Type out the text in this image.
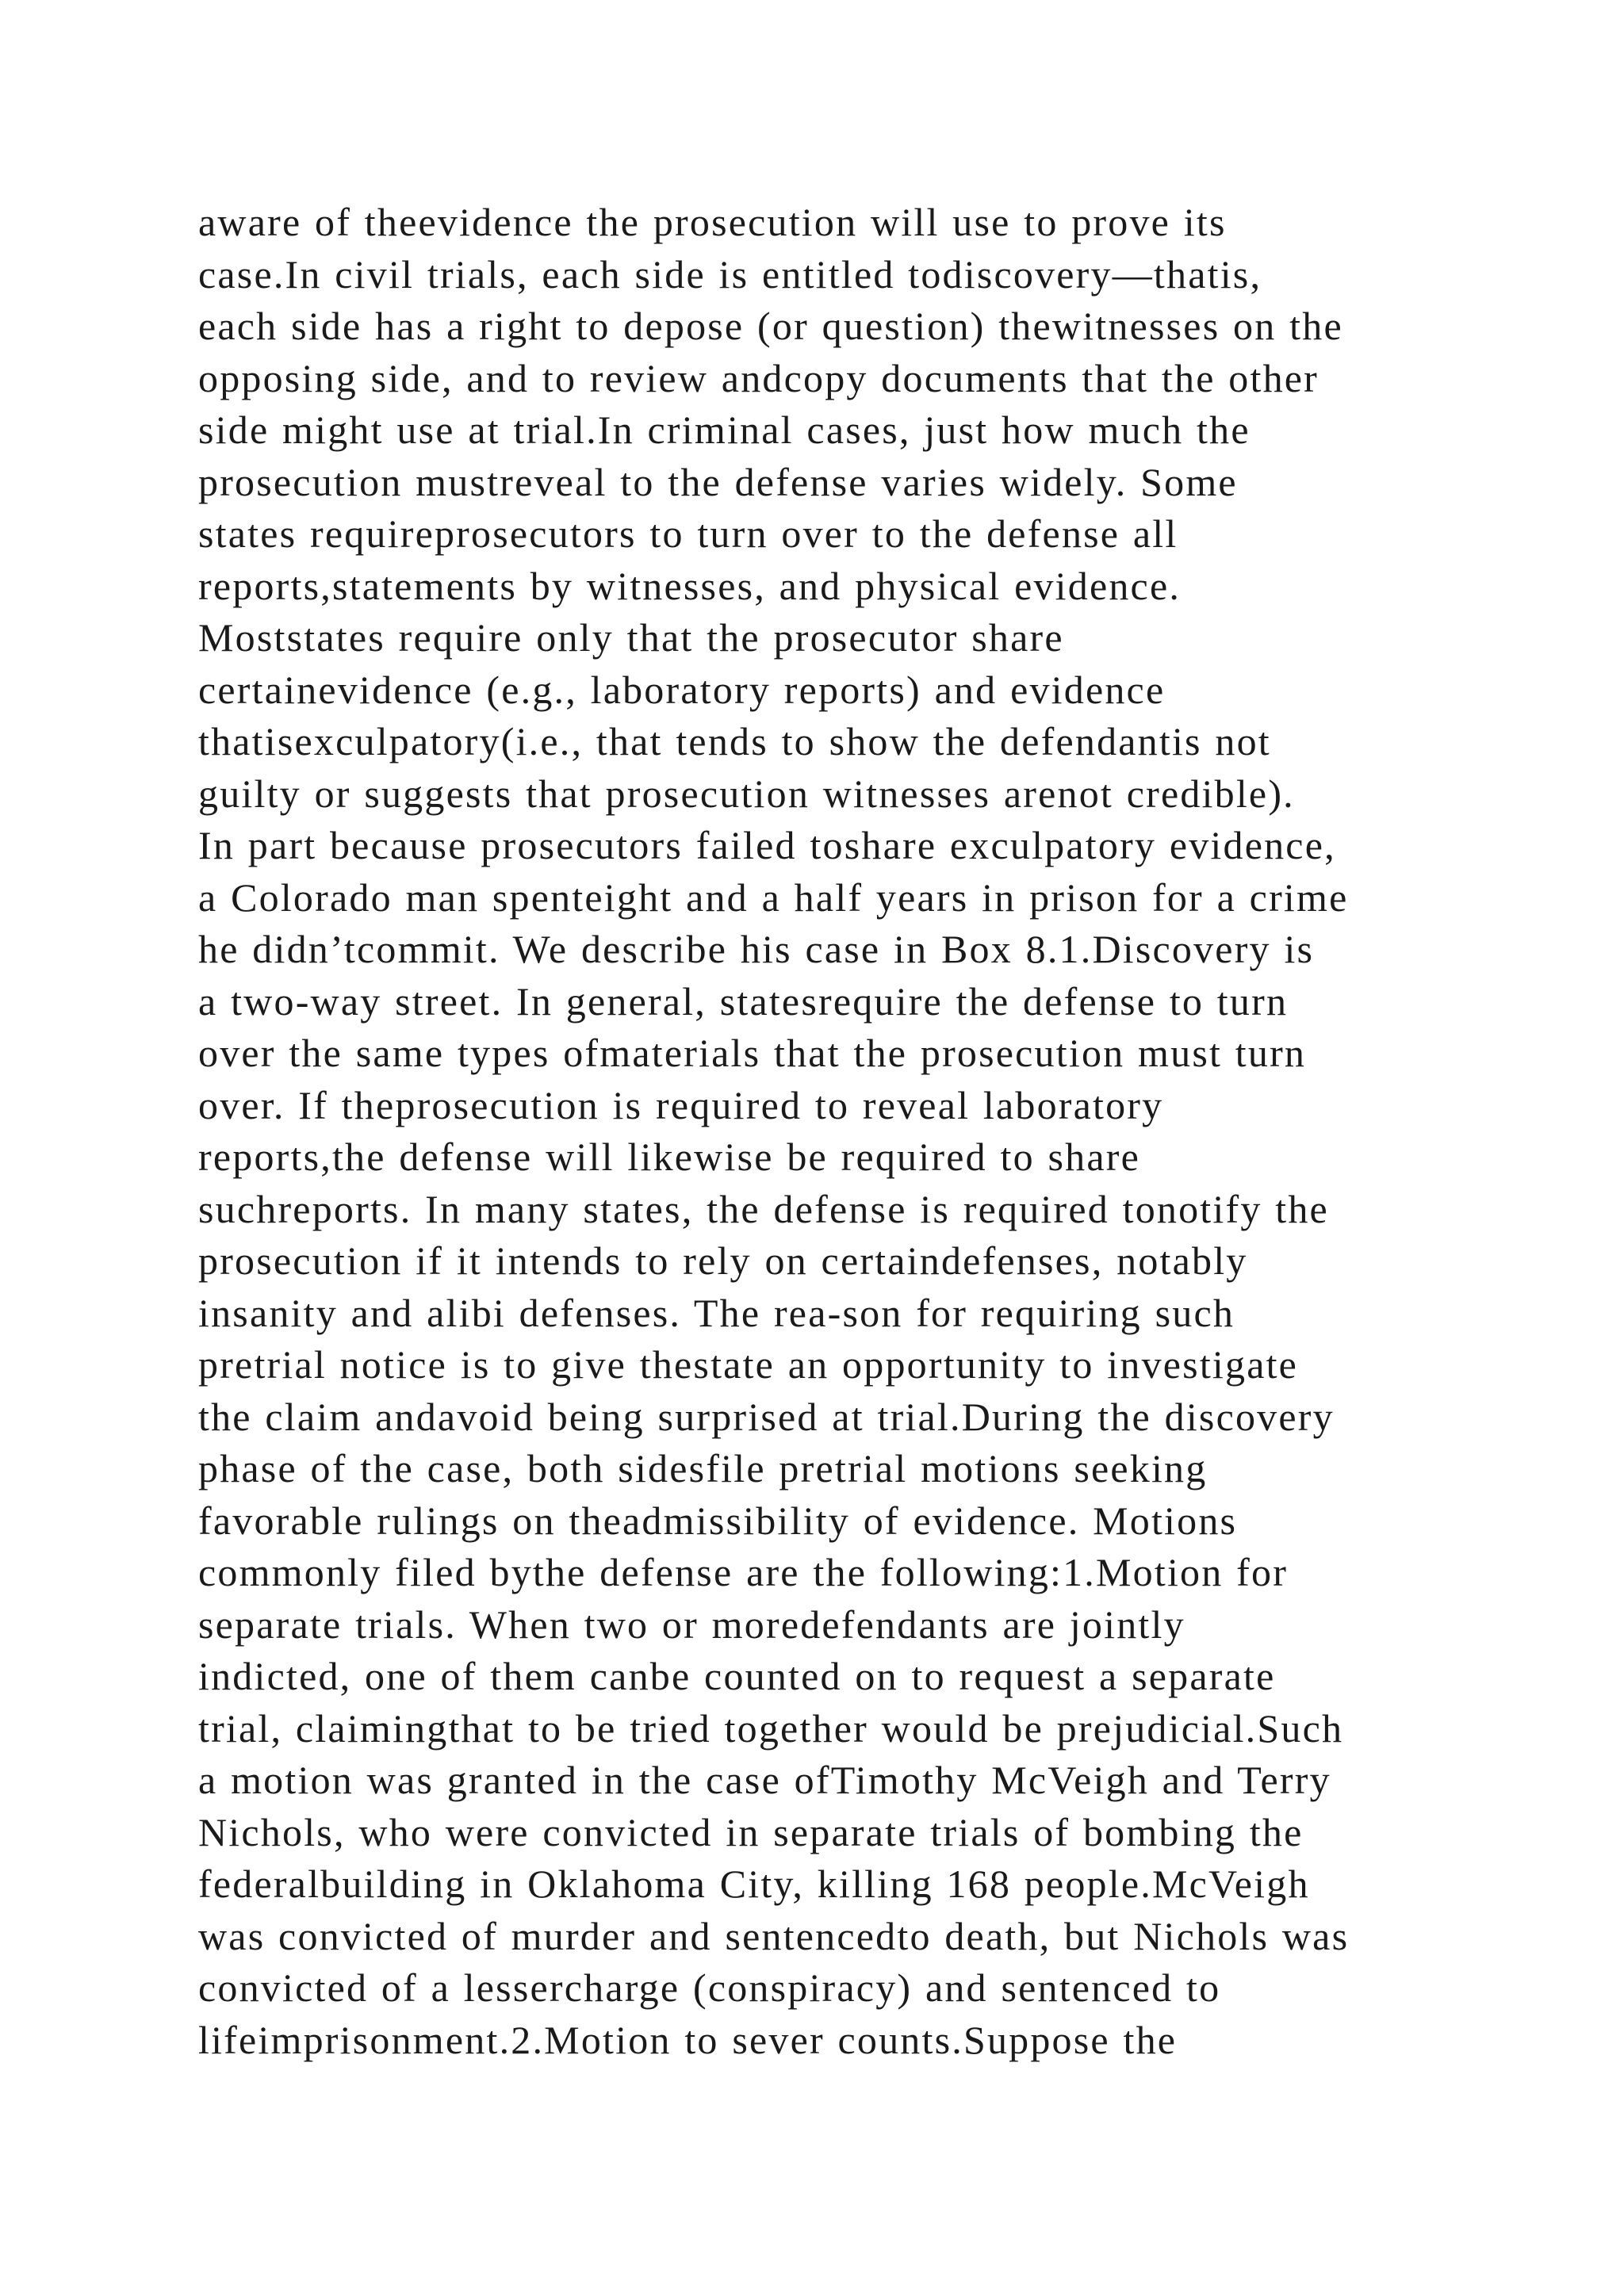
aware of theevidence the prosecution will use to prove its
case.In civil trials, each side is entitled todiscovery—thatis,
each side has a right to depose (or question) thewitnesses on the
opposing side, and to review andcopy documents that the other
side might use at trial.In criminal cases, just how much the
prosecution mustreveal to the defense varies widely. Some
states requireprosecutors to turn over to the defense all
reports,statements by witnesses, and physical evidence.
Moststates require only that the prosecutor share
certainevidence (e.g., laboratory reports) and evidence
thatisexculpatory(i.e., that tends to show the defendantis not
guilty or suggests that prosecution witnesses arenot credible).
In part because prosecutors failed toshare exculpatory evidence,
a Colorado man spenteight and a half years in prison for a crime
he didn’tcommit. We describe his case in Box 8.1.Discovery is
a two-way street. In general, statesrequire the defense to turn
over the same types ofmaterials that the prosecution must turn
over. If theprosecution is required to reveal laboratory
reports,the defense will likewise be required to share
suchreports. In many states, the defense is required tonotify the
prosecution if it intends to rely on certaindefenses, notably
insanity and alibi defenses. The rea-son for requiring such
pretrial notice is to give thestate an opportunity to investigate
the claim andavoid being surprised at trial.During the discovery
phase of the case, both sidesfile pretrial motions seeking
favorable rulings on theadmissibility of evidence. Motions
commonly filed bythe defense are the following:1.Motion for
separate trials. When two or moredefendants are jointly
indicted, one of them canbe counted on to request a separate
trial, claimingthat to be tried together would be prejudicial.Such
a motion was granted in the case ofTimothy McVeigh and Terry
Nichols, who were convicted in separate trials of bombing the
federalbuilding in Oklahoma City, killing 168 people.McVeigh
was convicted of murder and sentencedto death, but Nichols was
convicted of a lessercharge (conspiracy) and sentenced to
lifeimprisonment.2.Motion to sever counts.Suppose the
